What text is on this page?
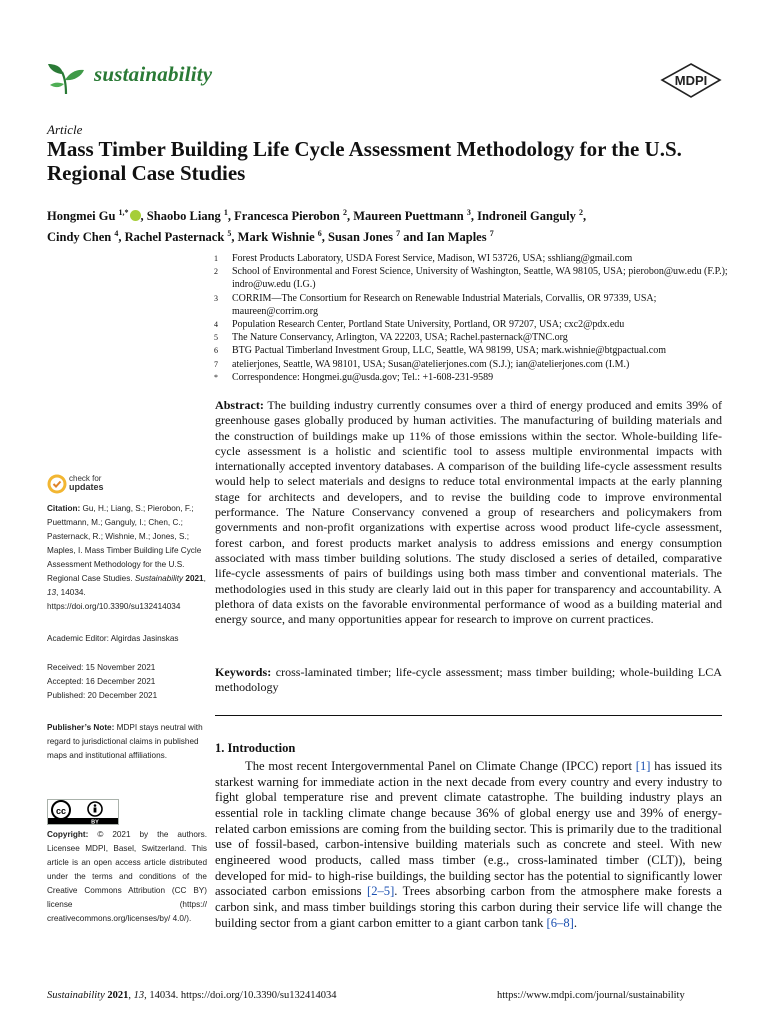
sustainability	MDPI
Article
Mass Timber Building Life Cycle Assessment Methodology for the U.S. Regional Case Studies
Hongmei Gu $^{1,*}$ , Shaobo Liang $^1$, Francesca Pierobon $^2$, Maureen Puettmann $^3$, Indroneil Ganguly $^2$,
Cindy Chen $^4$, Rachel Pasternack $^5$, Mark Wishnie $^6$, Susan Jones $^7$ and Ian Maples $^7$
1	Forest Products Laboratory, USDA Forest Service, Madison, WI 53726, USA; sshliang@gmail.com
2	School of Environmental and Forest Science, University of Washington, Seattle, WA 98105, USA; pierobon@uw.edu (F.P.); indro@uw.edu (I.G.)
3	CORRIM—The Consortium for Research on Renewable Industrial Materials, Corvallis, OR 97339, USA; maureen@corrim.org
4	Population Research Center, Portland State University, Portland, OR 97207, USA; cxc2@pdx.edu
5	The Nature Conservancy, Arlington, VA 22203, USA; Rachel.pasternack@TNC.org
6	BTG Pactual Timberland Investment Group, LLC, Seattle, WA 98199, USA; mark.wishnie@btgpactual.com
7	atelierjones, Seattle, WA 98101, USA; Susan@atelierjones.com (S.J.); ian@atelierjones.com (I.M.)
*	Correspondence: Hongmei.gu@usda.gov; Tel.: +1-608-231-9589
Abstract: The building industry currently consumes over a third of energy produced and emits 39% of greenhouse gases globally produced by human activities. The manufacturing of building materials and the construction of buildings make up 11% of those emissions within the sector. Whole-building life-cycle assessment is a holistic and scientific tool to assess multiple environmental impacts with internationally accepted inventory databases. A comparison of the building life-cycle assessment results would help to select materials and designs to reduce total environmental impacts at the early planning stage for architects and developers, and to revise the building code to improve environmental performance. The Nature Conservancy convened a group of researchers and policymakers from governments and non-profit organizations with expertise across wood product life-cycle assessment, forest carbon, and forest products market analysis to address emissions and energy consumption associated with mass timber building solutions. The study disclosed a series of detailed, comparative life-cycle assessments of pairs of buildings using both mass timber and conventional materials. The methodologies used in this study are clearly laid out in this paper for transparency and accountability. A plethora of data exists on the favorable environmental performance of wood as a building material and energy source, and many opportunities appear for research to improve on current practices.
Keywords: cross-laminated timber; life-cycle assessment; mass timber building; whole-building LCA methodology
1. Introduction
The most recent Intergovernmental Panel on Climate Change (IPCC) report [1] has issued its starkest warning for immediate action in the next decade from every country and every industry to fight global temperature rise and prevent climate catastrophe. The building industry plays an essential role in tackling climate change because 36% of global energy use and 39% of energy-related carbon emissions are coming from the building sector. This is primarily due to the traditional use of fossil-based, carbon-intensive building materials such as concrete and steel. With new engineered wood products, called mass timber (e.g., cross-laminated timber (CLT)), being developed for mid- to high-rise buildings, the building sector has the potential to significantly lower associated carbon emissions [2–5]. Trees absorbing carbon from the atmosphere make forests a carbon sink, and mass timber buildings storing this carbon during their service life will change the building sector from a giant carbon emitter to a giant carbon tank [6–8].
check for
updates
Citation: Gu, H.; Liang, S.; Pierobon, F.; Puettmann, M.; Ganguly, I.; Chen, C.; Pasternack, R.; Wishnie, M.; Jones, S.; Maples, I. Mass Timber Building Life Cycle Assessment Methodology for the U.S. Regional Case Studies. Sustainability 2021, 13, 14034. https://doi.org/10.3390/su132414034
Academic Editor: Algirdas Jasinskas
Received: 15 November 2021
Accepted: 16 December 2021
Published: 20 December 2021
Publisher’s Note: MDPI stays neutral with regard to jurisdictional claims in published maps and institutional affiliations.
cc
BY
Copyright: © 2021 by the authors. Licensee MDPI, Basel, Switzerland. This article is an open access article distributed under the terms and conditions of the Creative Commons Attribution (CC BY) license (https:// creativecommons.org/licenses/by/ 4.0/).
Sustainability 2021, 13, 14034. https://doi.org/10.3390/su132414034	https://www.mdpi.com/journal/sustainability
